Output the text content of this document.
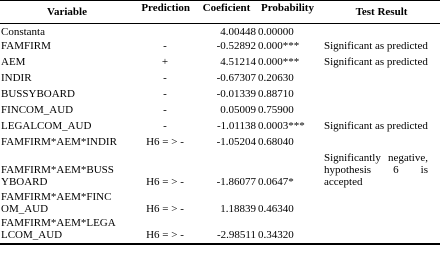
Variable	Prediction	Coeficient	Probability	Test Result
Constanta		4.00448	0.00000	
FAMFIRM	-	-0.52892	0.000***	Significant as predicted
AEM	+	4.51214	0.000***	Significant as predicted
INDIR	-	-0.67307	0.20630	
BUSSYBOARD	-	-0.01339	0.88710	
FINCOM_AUD	-	0.05009	0.75900	
LEGALCOM_AUD	-	-1.01138	0.0003***	Significant as predicted
FAMFIRM*AEM*INDIR	H6 = > -	-1.05204	0.68040	

FAMFIRM*AEM*BUSSYBOARD	H6 = > -	-1.86077	0.0647*	Significantly negative, hypothesis 6 is accepted

FAMFIRM*AEM*FINCOM_AUD	H6 = > -	1.18839	0.46340	

FAMFIRM*AEM*LEGALCOM_AUD	H6 = > -	-2.98511	0.34320	
